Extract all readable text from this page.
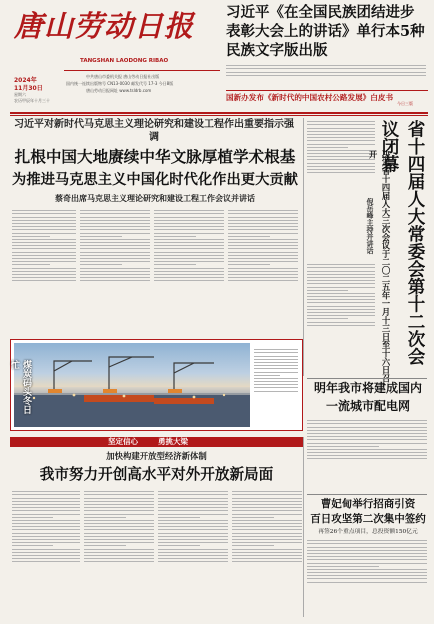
唐山劳动日报
TANGSHAN LAODONG RIBAO
2024年
11月30日
星期六
农历甲辰年十月三十
中共唐山市委机关报 唐山劳动日报社出版
国内统一连续出版物号 CN13-0030 邮发代号 17-3 今日8版
唐山劳动日报网址 www.tsldrb.com
习近平《在全国民族团结进步表彰大会上的讲话》单行本5种民族文字版出版
国新办发布《新时代的中国农村公路发展》白皮书
今日三版
习近平对新时代马克思主义理论研究和建设工程作出重要指示强调
扎根中国大地赓续中华文脉厚植学术根基
为推进马克思主义中国化时代化作出更大贡献
蔡奇出席马克思主义理论研究和建设工程工作会议并讲话	省十四届人大常委会第十二次会议闭幕
决定省十四届人大三次会议于二〇二五年一月十三日至十六日召开
倪岳峰主持并讲话
煤炭码头冬日忙
明年我市将建成国内
一流城市配电网
坚定信心	勇挑大梁
加快构建开放型经济新体制
我市努力开创高水平对外开放新局面
曹妃甸举行招商引资
百日攻坚第二次集中签约
再签26个重点项目，总投资额150亿元
